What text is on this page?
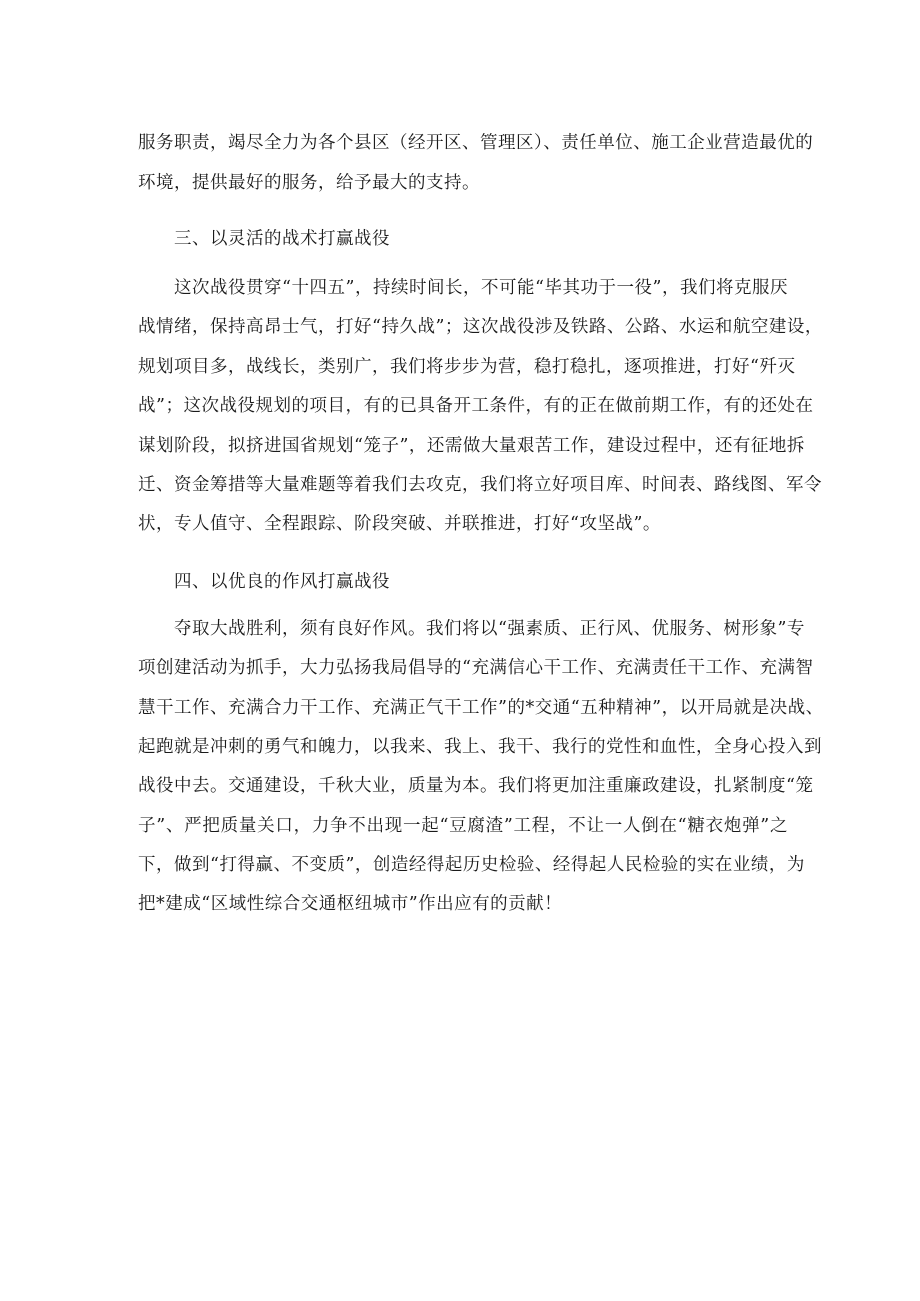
服务职责，竭尽全力为各个县区（经开区、管理区）、责任单位、施工企业营造最优的
环境，提供最好的服务，给予最大的支持。
三、以灵活的战术打赢战役
这次战役贯穿“十四五”，持续时间长，不可能“毕其功于一役”，我们将克服厌
战情绪，保持高昂士气，打好“持久战”；这次战役涉及铁路、公路、水运和航空建设，
规划项目多，战线长，类别广，我们将步步为营，稳打稳扎，逐项推进，打好“歼灭
战”；这次战役规划的项目，有的已具备开工条件，有的正在做前期工作，有的还处在
谋划阶段，拟挤进国省规划“笼子”，还需做大量艰苦工作，建设过程中，还有征地拆
迁、资金筹措等大量难题等着我们去攻克，我们将立好项目库、时间表、路线图、军令
状，专人值守、全程跟踪、阶段突破、并联推进，打好“攻坚战”。
四、以优良的作风打赢战役
夺取大战胜利，须有良好作风。我们将以“强素质、正行风、优服务、树形象”专
项创建活动为抓手，大力弘扬我局倡导的“充满信心干工作、充满责任干工作、充满智
慧干工作、充满合力干工作、充满正气干工作”的*交通“五种精神”，以开局就是决战、
起跑就是冲刺的勇气和魄力，以我来、我上、我干、我行的党性和血性，全身心投入到
战役中去。交通建设，千秋大业，质量为本。我们将更加注重廉政建设，扎紧制度“笼
子”、严把质量关口，力争不出现一起“豆腐渣”工程，不让一人倒在“糖衣炮弹”之
下，做到“打得赢、不变质”，创造经得起历史检验、经得起人民检验的实在业绩，为
把*建成“区域性综合交通枢纽城市”作出应有的贡献！
